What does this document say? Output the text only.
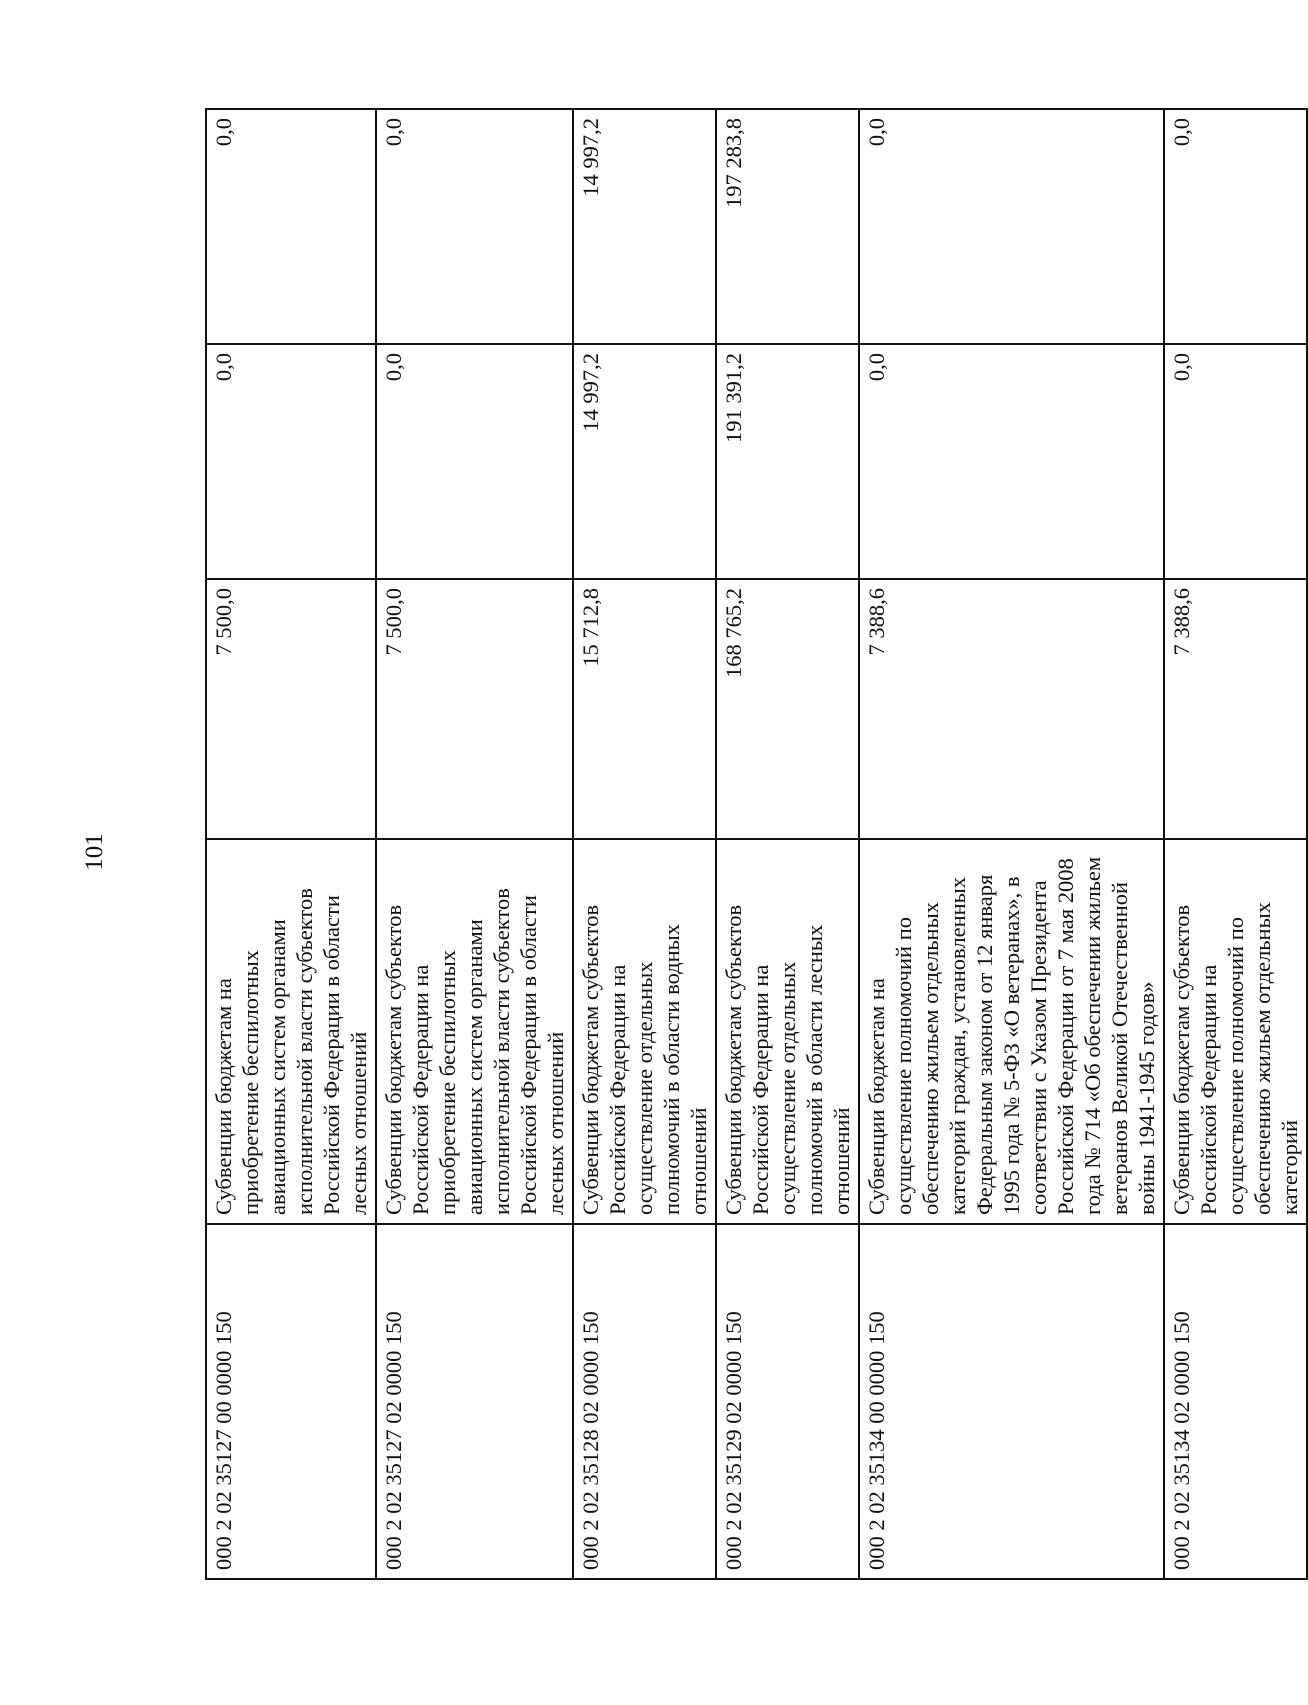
101
000 2 02 35127 00 0000 150	Субвенции бюджетам на приобретение беспилотных авиационных систем органами исполнительной власти субъектов Российской Федерации в области лесных отношений	7 500,0	0,0	0,0
000 2 02 35127 02 0000 150	Субвенции бюджетам субъектов Российской Федерации на приобретение беспилотных авиационных систем органами исполнительной власти субъектов Российской Федерации в области лесных отношений	7 500,0	0,0	0,0
000 2 02 35128 02 0000 150	Субвенции бюджетам субъектов Российской Федерации на осуществление отдельных полномочий в области водных отношений	15 712,8	14 997,2	14 997,2
000 2 02 35129 02 0000 150	Субвенции бюджетам субъектов Российской Федерации на осуществление отдельных полномочий в области лесных отношений	168 765,2	191 391,2	197 283,8
000 2 02 35134 00 0000 150	Субвенции бюджетам на осуществление полномочий по обеспечению жильем отдельных категорий граждан, установленных Федеральным законом от 12 января 1995 года № 5-ФЗ «О ветеранах», в соответствии с Указом Президента Российской Федерации от 7 мая 2008 года № 714 «Об обеспечении жильем ветеранов Великой Отечественной войны 1941-1945 годов»	7 388,6	0,0	0,0
000 2 02 35134 02 0000 150	Субвенции бюджетам субъектов Российской Федерации на осуществление полномочий по обеспечению жильем отдельных категорий	7 388,6	0,0	0,0
